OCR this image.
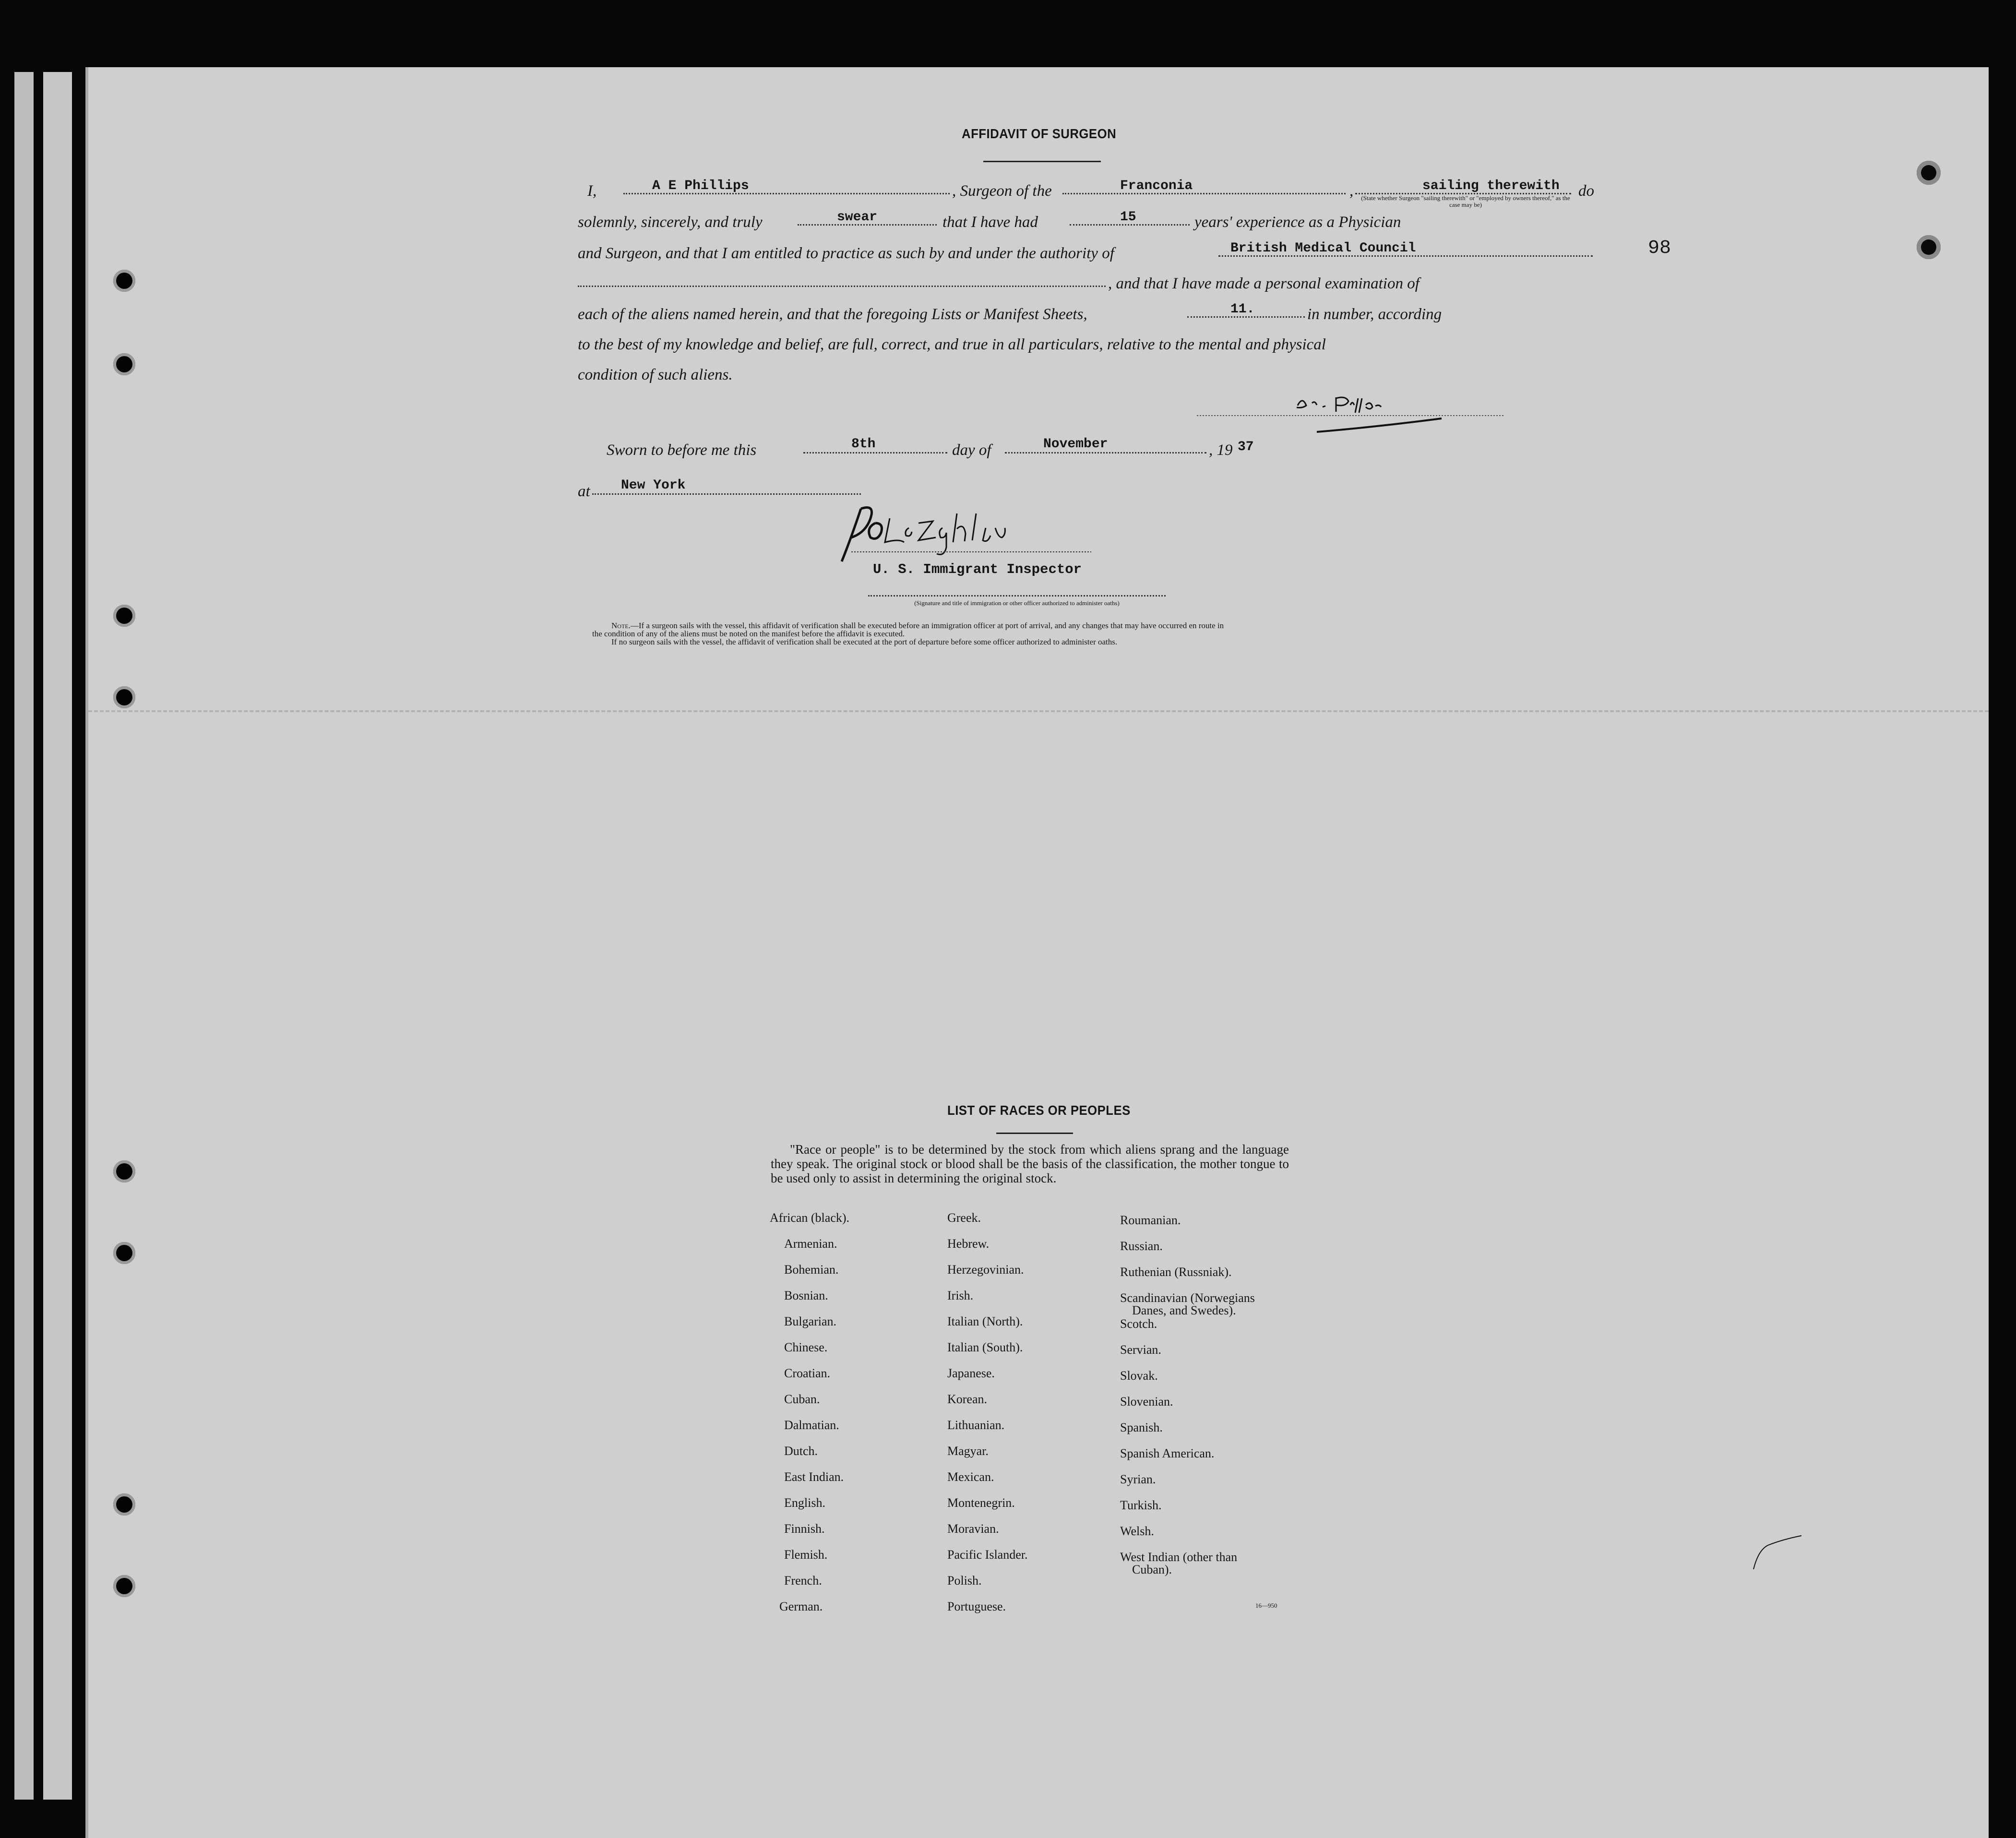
98
AFFIDAVIT OF SURGEON
I,	A E Phillips	, Surgeon of the	Franconia	,	sailing therewith
(State whether Surgeon "sailing therewith" or "employed by owners thereof," as the case may be)
do
solemnly, sincerely, and truly	swear	that I have had	15	years' experience as a Physician
and Surgeon, and that I am entitled to practice as such by and under the authority of	British Medical Council
, and that I have made a personal examination of
each of the aliens named herein, and that the foregoing Lists or Manifest Sheets,	11.	in number, according
to the best of my knowledge and belief, are full, correct, and true in all particulars, relative to the mental and physical
condition of such aliens.
Sworn to before me this	8th	day of	November	, 19 37
at New York
U. S. Immigrant Inspector
(Signature and title of immigration or other officer authorized to administer oaths)
Note.—If a surgeon sails with the vessel, this affidavit of verification shall be executed before an immigration officer at port of arrival, and any changes that may have occurred en route in
the condition of any of the aliens must be noted on the manifest before the affidavit is executed.
If no surgeon sails with the vessel, the affidavit of verification shall be executed at the port of departure before some officer authorized to administer oaths.
LIST OF RACES OR PEOPLES
"Race or people" is to be determined by the stock from which aliens sprang and the language they speak. The original stock or blood shall be the basis of the classification, the mother tongue to be used only to assist in determining the original stock.
African (black).
Armenian.
Bohemian.
Bosnian.
Bulgarian.
Chinese.
Croatian.
Cuban.
Dalmatian.
Dutch.
East Indian.
English.
Finnish.
Flemish.
French.
German.
Greek.
Hebrew.
Herzegovinian.
Irish.
Italian (North).
Italian (South).
Japanese.
Korean.
Lithuanian.
Magyar.
Mexican.
Montenegrin.
Moravian.
Pacific Islander.
Polish.
Portuguese.
Roumanian.
Russian.
Ruthenian (Russniak).
Scandinavian (Norwegians
Danes, and Swedes).
Scotch.
Servian.
Slovak.
Slovenian.
Spanish.
Spanish American.
Syrian.
Turkish.
Welsh.
West Indian (other than
Cuban).
16—950
